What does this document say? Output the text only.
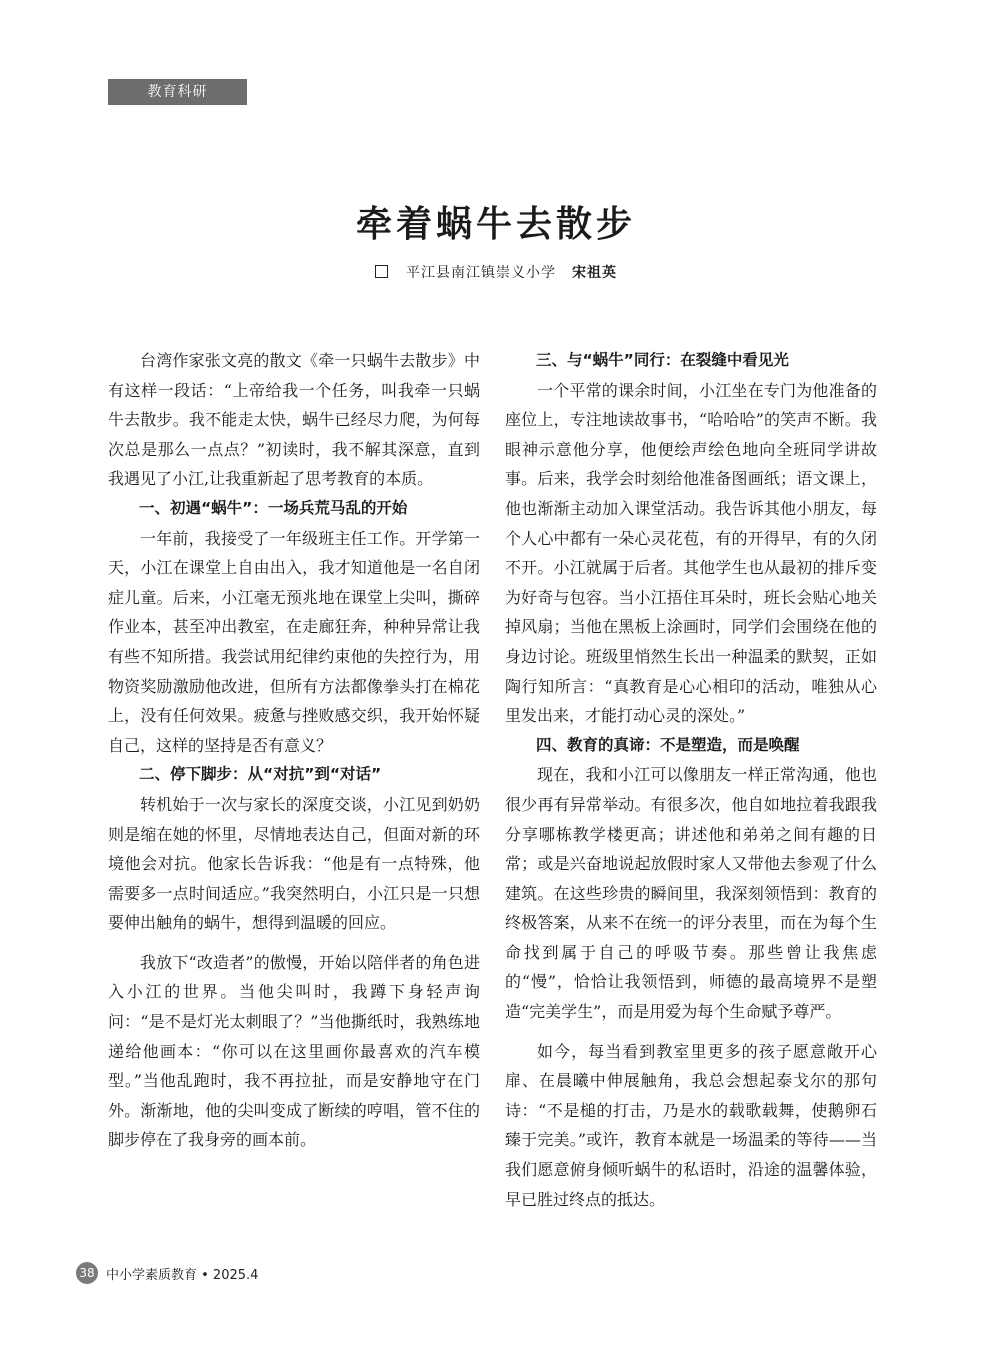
教育科研
牵着蜗牛去散步
平江县南江镇崇义小学 宋祖英

台湾作家张文亮的散文《牵一只蜗牛去散步》中有这样一段话：“上帝给我一个任务，叫我牵一只蜗牛去散步。我不能走太快，蜗牛已经尽力爬，为何每次总是那么一点点？”初读时，我不解其深意，直到我遇见了小江,让我重新起了思考教育的本质。

一、初遇“蜗牛”：一场兵荒马乱的开始

一年前，我接受了一年级班主任工作。开学第一天，小江在课堂上自由出入，我才知道他是一名自闭症儿童。后来，小江毫无预兆地在课堂上尖叫，撕碎作业本，甚至冲出教室，在走廊狂奔，种种异常让我有些不知所措。我尝试用纪律约束他的失控行为，用物资奖励激励他改进，但所有方法都像拳头打在棉花上，没有任何效果。疲惫与挫败感交织，我开始怀疑自己，这样的坚持是否有意义？

二、停下脚步：从“对抗”到“对话”

转机始于一次与家长的深度交谈，小江见到奶奶则是缩在她的怀里，尽情地表达自己，但面对新的环境他会对抗。他家长告诉我：“他是有一点特殊，他需要多一点时间适应。”我突然明白，小江只是一只想要伸出触角的蜗牛，想得到温暖的回应。

我放下“改造者”的傲慢，开始以陪伴者的角色进入小江的世界。当他尖叫时，我蹲下身轻声询问：“是不是灯光太刺眼了？”当他撕纸时，我熟练地递给他画本：“你可以在这里画你最喜欢的汽车模型。”当他乱跑时，我不再拉扯，而是安静地守在门外。渐渐地，他的尖叫变成了断续的哼唱，管不住的脚步停在了我身旁的画本前。

三、与“蜗牛”同行：在裂缝中看见光

一个平常的课余时间，小江坐在专门为他准备的座位上，专注地读故事书，“哈哈哈”的笑声不断。我眼神示意他分享，他便绘声绘色地向全班同学讲故事。后来，我学会时刻给他准备图画纸；语文课上，他也渐渐主动加入课堂活动。我告诉其他小朋友，每个人心中都有一朵心灵花苞，有的开得早，有的久闭不开。小江就属于后者。其他学生也从最初的排斥变为好奇与包容。当小江捂住耳朵时，班长会贴心地关掉风扇；当他在黑板上涂画时，同学们会围绕在他的身边讨论。班级里悄然生长出一种温柔的默契，正如陶行知所言：“真教育是心心相印的活动，唯独从心里发出来，才能打动心灵的深处。”

四、教育的真谛：不是塑造，而是唤醒

现在，我和小江可以像朋友一样正常沟通，他也很少再有异常举动。有很多次，他自如地拉着我跟我分享哪栋教学楼更高；讲述他和弟弟之间有趣的日常；或是兴奋地说起放假时家人又带他去参观了什么建筑。在这些珍贵的瞬间里，我深刻领悟到：教育的终极答案，从来不在统一的评分表里，而在为每个生命找到属于自己的呼吸节奏。那些曾让我焦虑的“慢”，恰恰让我领悟到，师德的最高境界不是塑造“完美学生”，而是用爱为每个生命赋予尊严。

如今，每当看到教室里更多的孩子愿意敞开心扉、在晨曦中伸展触角，我总会想起泰戈尔的那句诗：“不是槌的打击，乃是水的载歌载舞，使鹅卵石臻于完美。”或许，教育本就是一场温柔的等待——当我们愿意俯身倾听蜗牛的私语时，沿途的温馨体验，早已胜过终点的抵达。

38 中小学素质教育 • 2025.4
